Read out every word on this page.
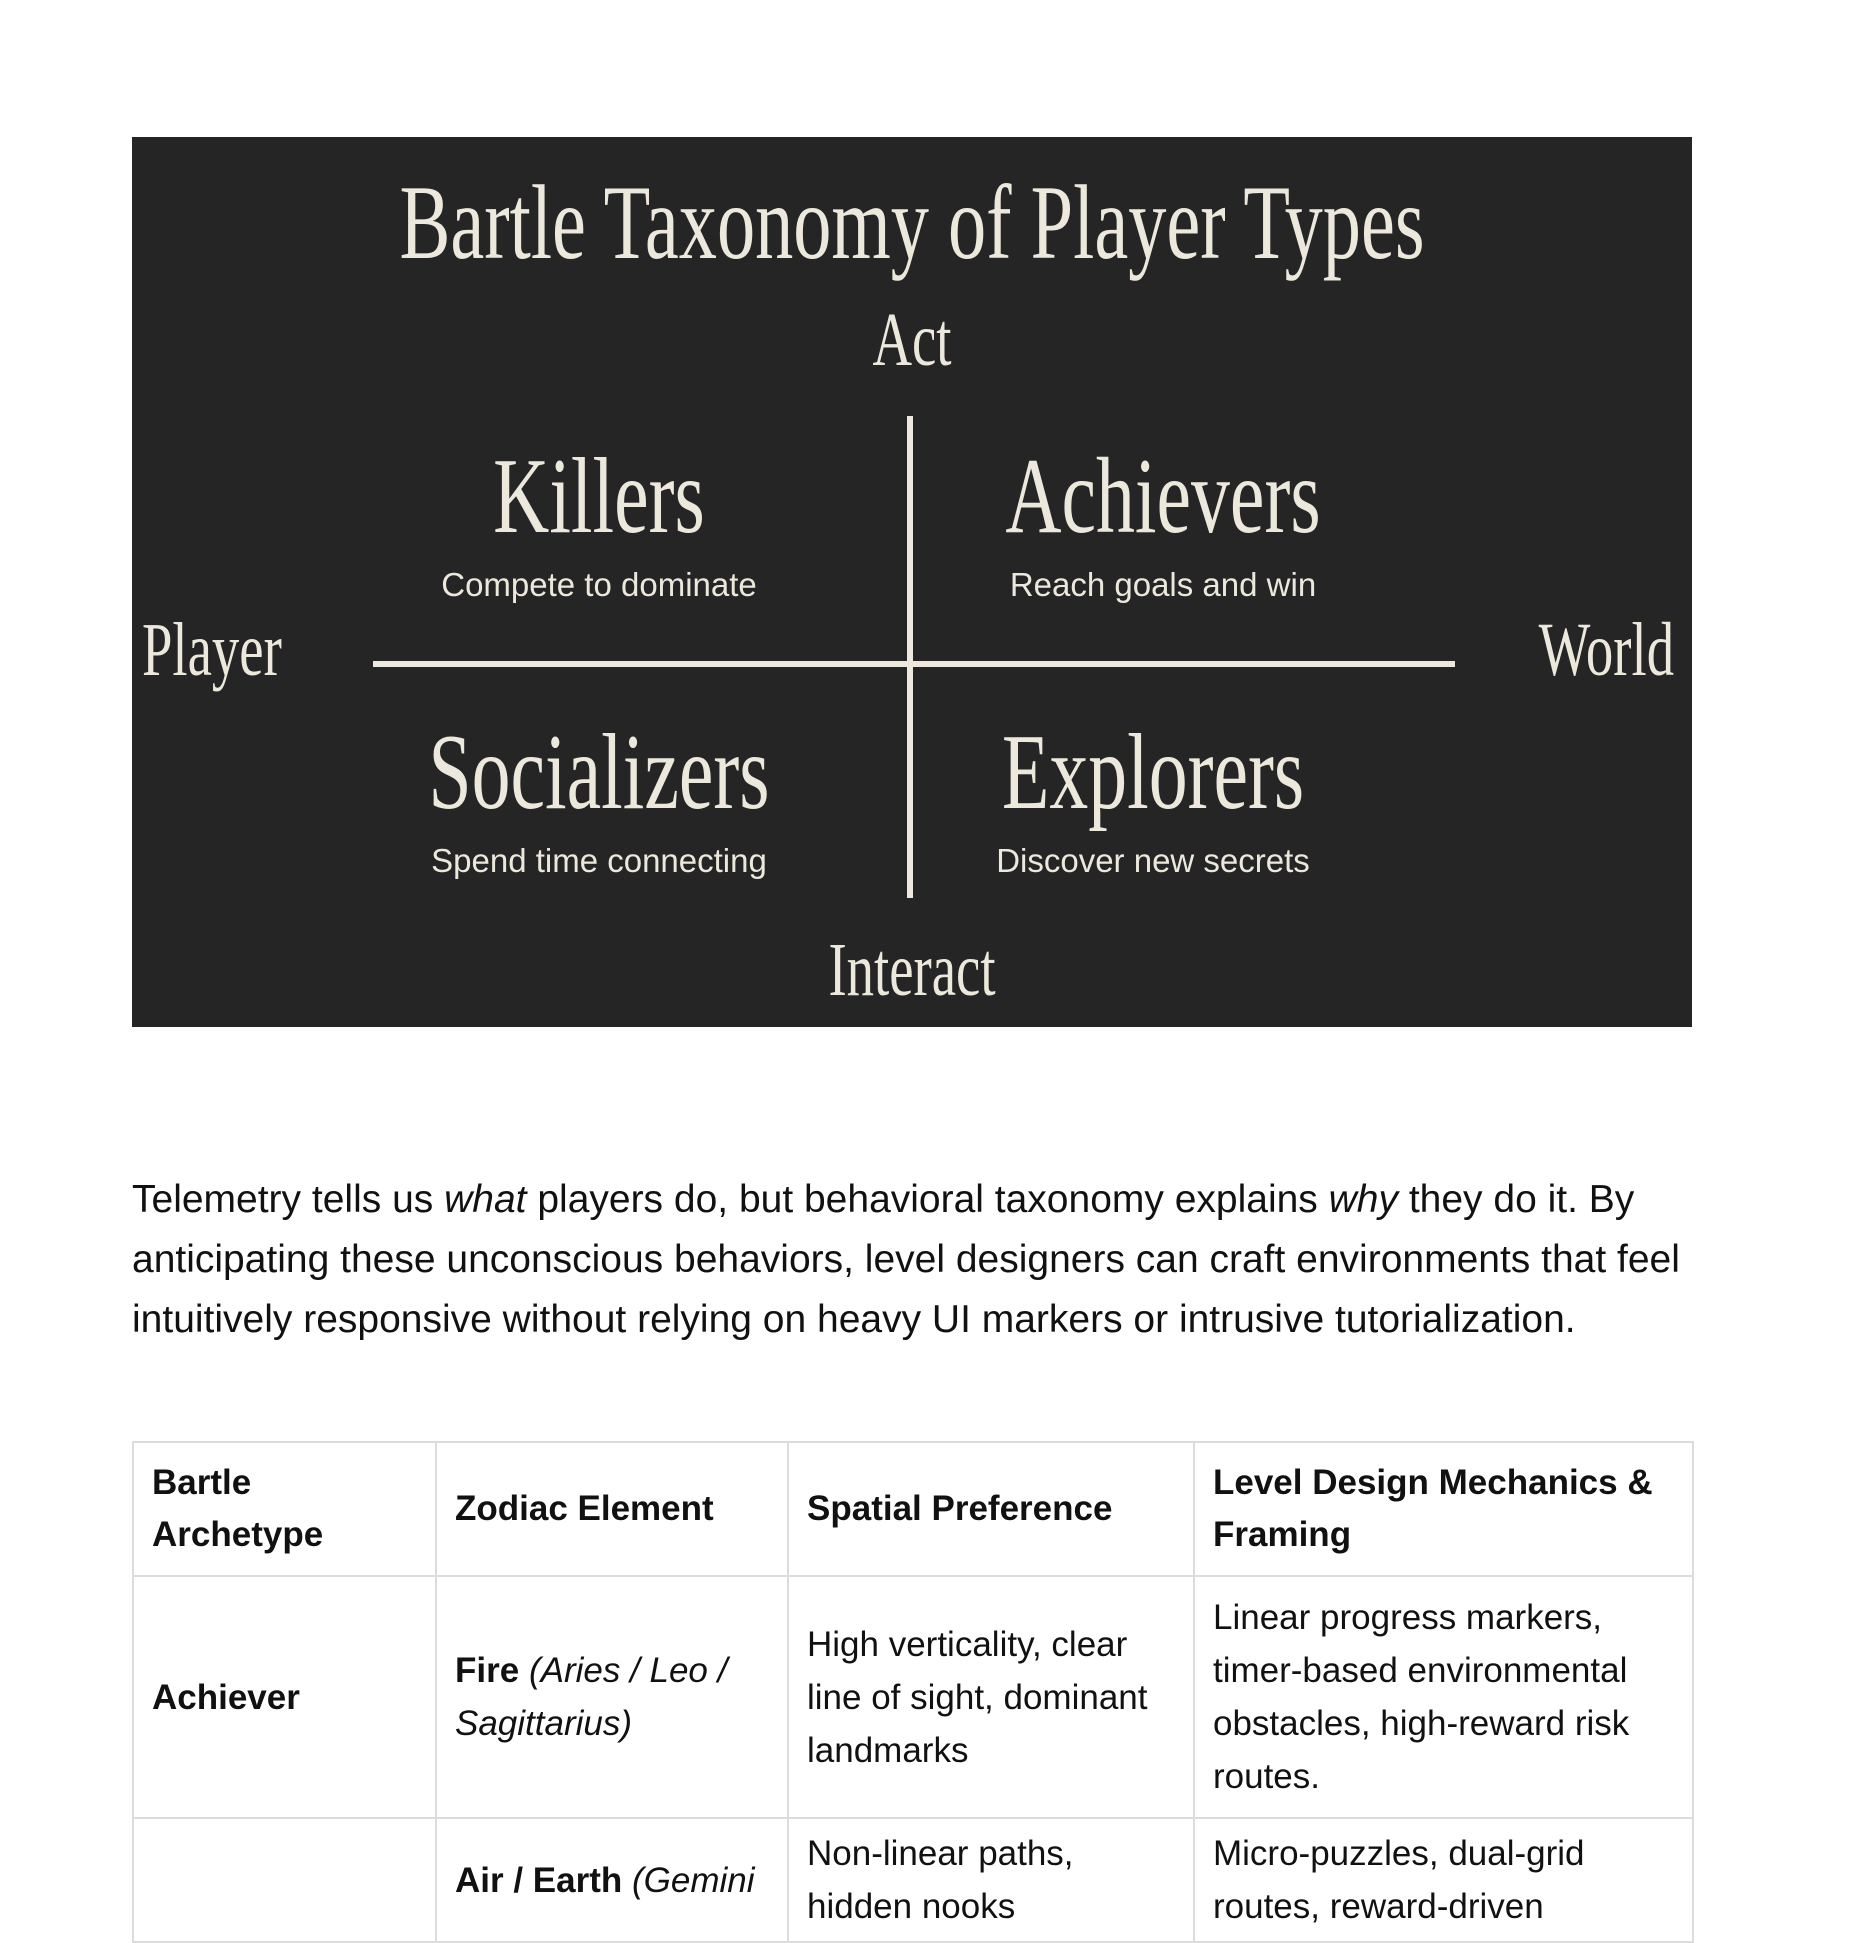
Bartle Taxonomy of Player Types
Act
Player	World
Killers
Compete to dominate
Achievers
Reach goals and win
Socializers
Spend time connecting
Explorers
Discover new secrets
Interact

Telemetry tells us what players do, but behavioral taxonomy explains why they do it. By anticipating these unconscious behaviors, level designers can craft environments that feel intuitively responsive without relying on heavy UI markers or intrusive tutorialization.

Bartle Archetype	Zodiac Element	Spatial Preference	Level Design Mechanics & Framing
Achiever	Fire (Aries / Leo / Sagittarius)	High verticality, clear line of sight, dominant landmarks	Linear progress markers, timer-based environmental obstacles, high-reward risk routes.
	Air / Earth (Gemini	Non-linear paths, hidden nooks	Micro-puzzles, dual-grid routes, reward-driven
